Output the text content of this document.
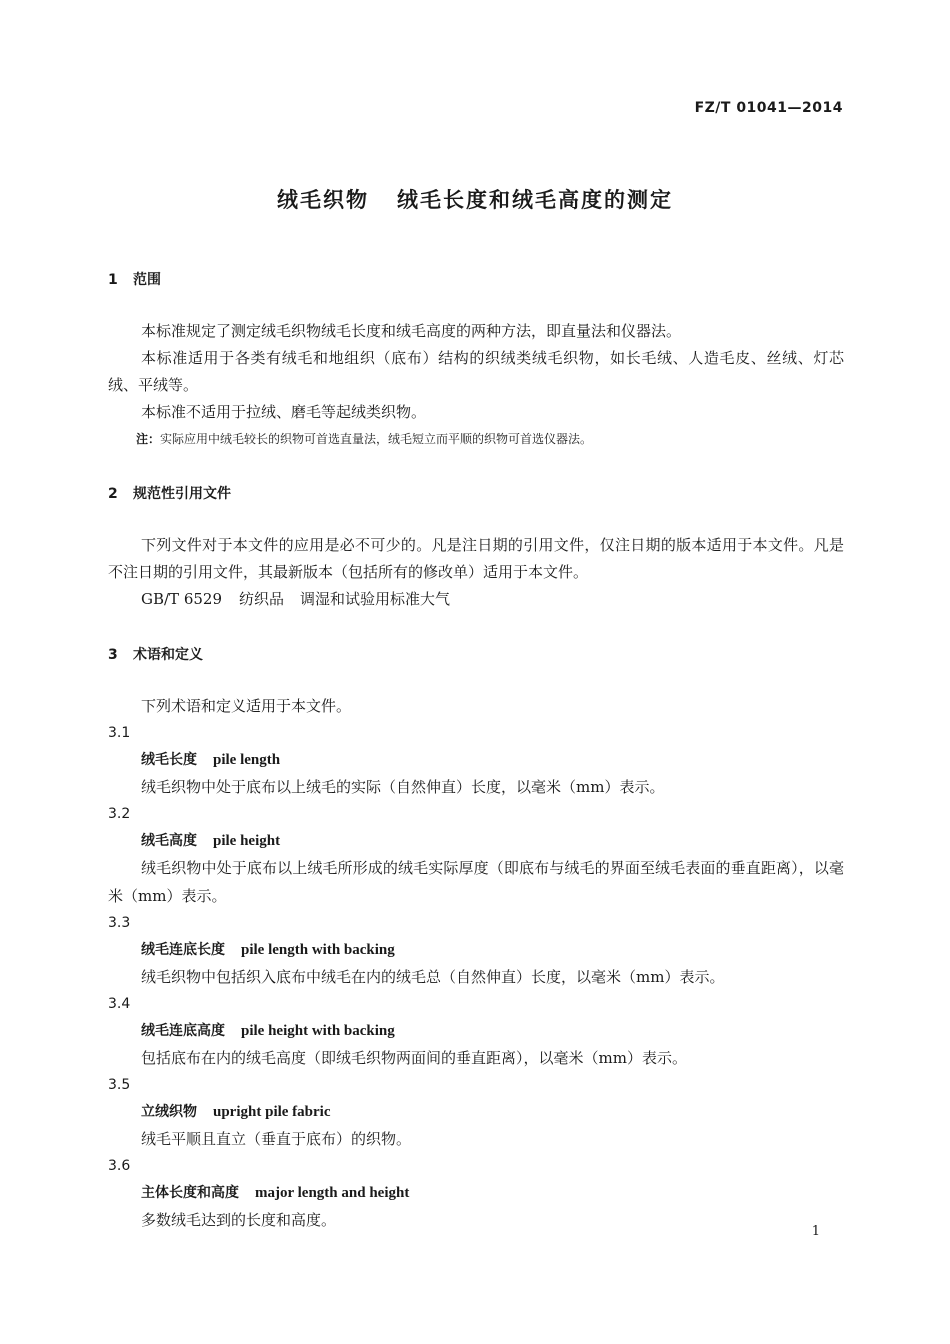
FZ/T 01041—2014
绒毛织物 绒毛长度和绒毛高度的测定
1 范围

本标准规定了测定绒毛织物绒毛长度和绒毛高度的两种方法，即直量法和仪器法。

本标准适用于各类有绒毛和地组织（底布）结构的织绒类绒毛织物，如长毛绒、人造毛皮、丝绒、灯芯绒、平绒等。

本标准不适用于拉绒、磨毛等起绒类织物。

注：实际应用中绒毛较长的织物可首选直量法，绒毛短立而平顺的织物可首选仪器法。

2 规范性引用文件

下列文件对于本文件的应用是必不可少的。凡是注日期的引用文件，仅注日期的版本适用于本文件。凡是不注日期的引用文件，其最新版本（包括所有的修改单）适用于本文件。

GB/T 6529 纺织品 调湿和试验用标准大气

3 术语和定义

下列术语和定义适用于本文件。

3.1

绒毛长度 pile length

绒毛织物中处于底布以上绒毛的实际（自然伸直）长度，以毫米（mm）表示。

3.2

绒毛高度 pile height

绒毛织物中处于底布以上绒毛所形成的绒毛实际厚度（即底布与绒毛的界面至绒毛表面的垂直距离），以毫米（mm）表示。

3.3

绒毛连底长度 pile length with backing

绒毛织物中包括织入底布中绒毛在内的绒毛总（自然伸直）长度，以毫米（mm）表示。

3.4

绒毛连底高度 pile height with backing

包括底布在内的绒毛高度（即绒毛织物两面间的垂直距离），以毫米（mm）表示。

3.5

立绒织物 upright pile fabric

绒毛平顺且直立（垂直于底布）的织物。

3.6

主体长度和高度 major length and height

多数绒毛达到的长度和高度。

1
